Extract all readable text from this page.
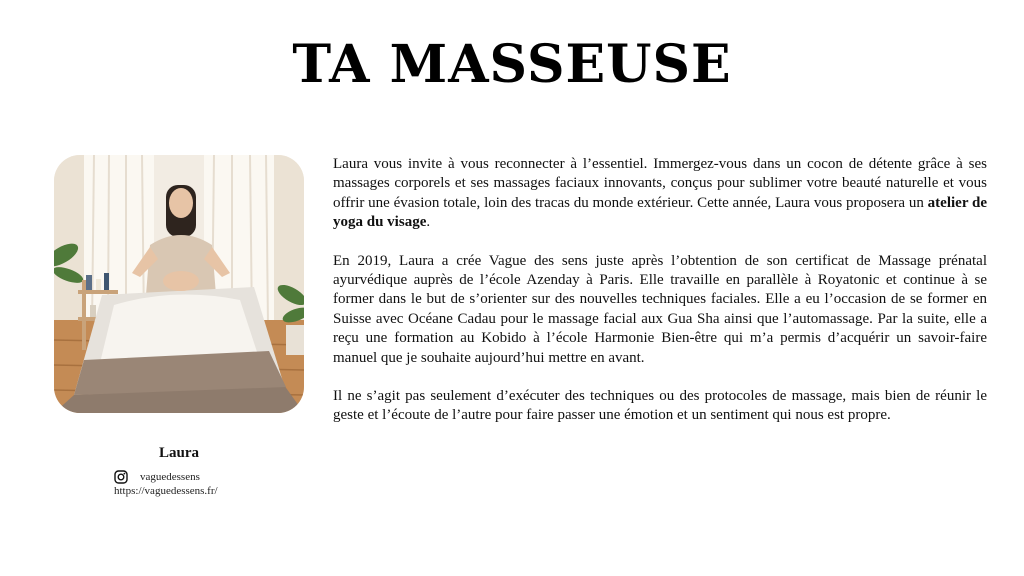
TA MASSEUSE
Laura
vaguedessens
https://vaguedessens.fr/

Laura vous invite à vous reconnecter à l’essentiel. Immergez-vous dans un cocon de détente grâce à ses massages corporels et ses massages faciaux innovants, conçus pour sublimer votre beauté naturelle et vous offrir une évasion totale, loin des tracas du monde extérieur. Cette année, Laura vous proposera un atelier de yoga du visage.

En 2019, Laura a crée Vague des sens juste après l’obtention de son certificat de Massage prénatal ayurvédique auprès de l’école Azenday à Paris. Elle travaille en parallèle à Royatonic et continue à se former dans le but de s’orienter sur des nouvelles techniques faciales. Elle a eu l’occasion de se former en Suisse avec Océane Cadau pour le massage facial aux Gua Sha ainsi que l’automassage. Par la suite, elle a reçu une formation au Kobido à l’école Harmonie Bien-être qui m’a permis d’acquérir un savoir-faire manuel que je souhaite aujourd’hui mettre en avant.

Il ne s’agit pas seulement d’exécuter des techniques ou des protocoles de massage, mais bien de réunir le geste et l’écoute de l’autre pour faire passer une émotion et un sentiment qui nous est propre.
